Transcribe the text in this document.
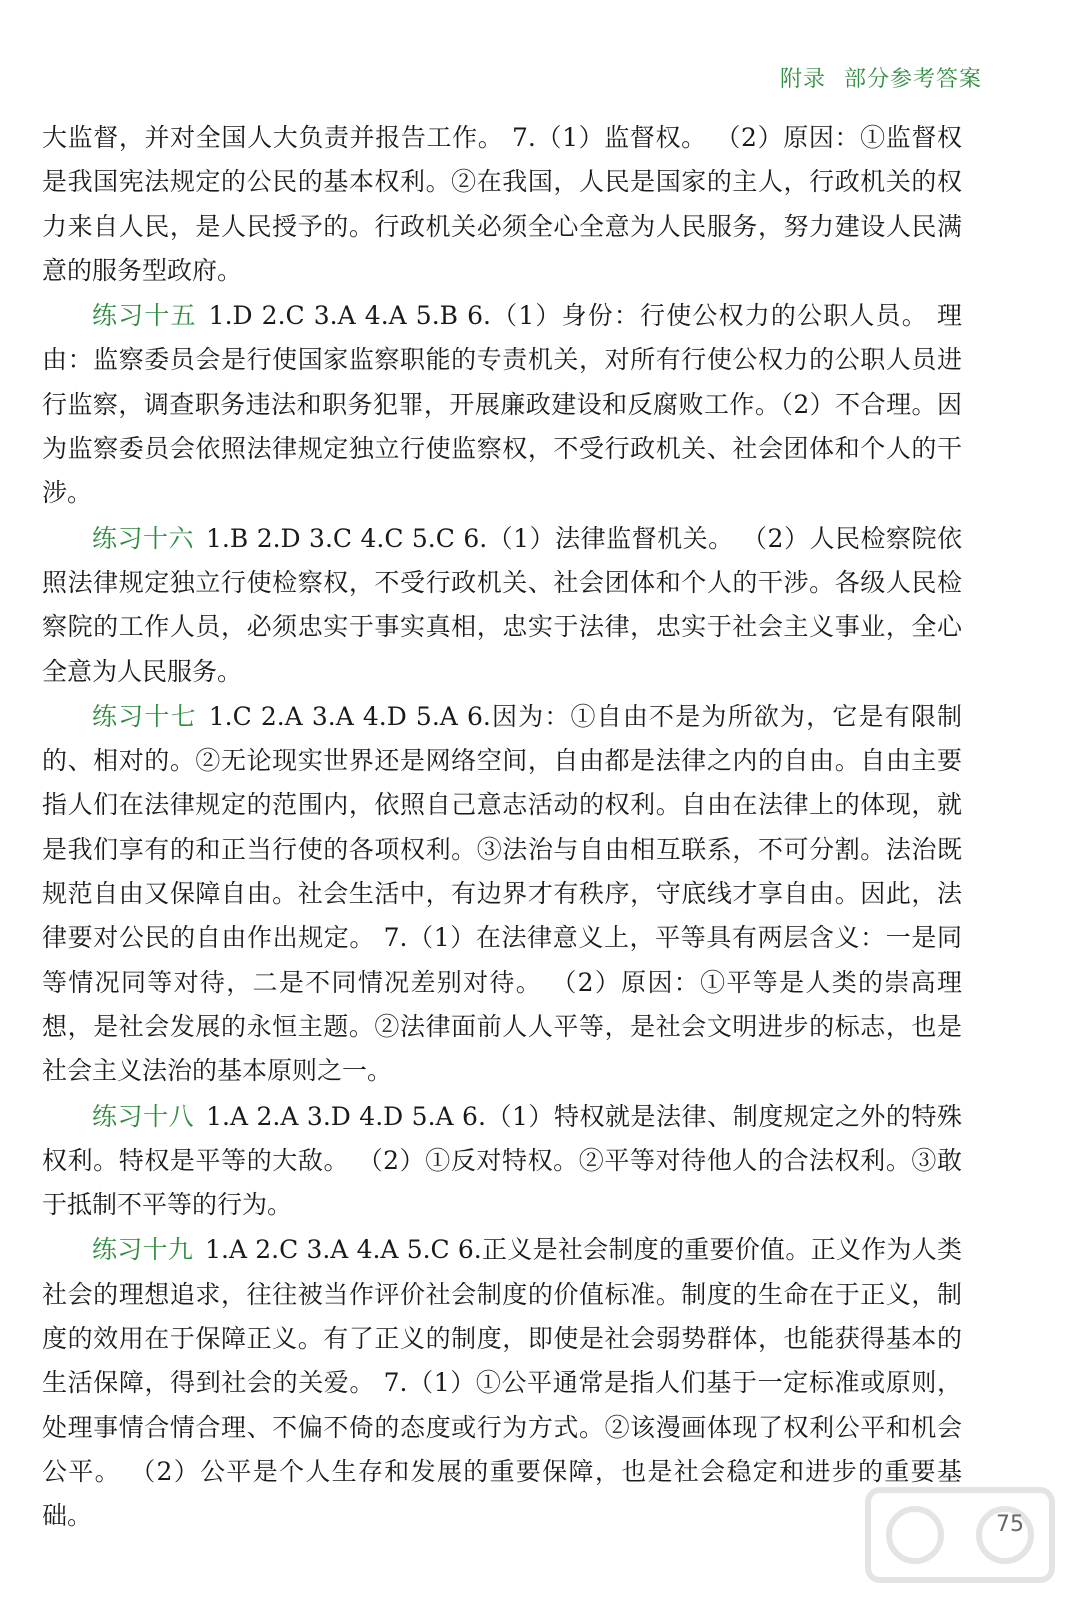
附录 部分参考答案

大监督，并对全国人大负责并报告工作。 7.（1）监督权。 （2）原因：①监督权是我国宪法规定的公民的基本权利。②在我国，人民是国家的主人，行政机关的权力来自人民，是人民授予的。行政机关必须全心全意为人民服务，努力建设人民满意的服务型政府。

练习十五 1.D 2.C 3.A 4.A 5.B 6.（1）身份：行使公权力的公职人员。 理由：监察委员会是行使国家监察职能的专责机关，对所有行使公权力的公职人员进行监察，调查职务违法和职务犯罪，开展廉政建设和反腐败工作。（2）不合理。因为监察委员会依照法律规定独立行使监察权，不受行政机关、社会团体和个人的干涉。

练习十六 1.B 2.D 3.C 4.C 5.C 6.（1）法律监督机关。 （2）人民检察院依照法律规定独立行使检察权，不受行政机关、社会团体和个人的干涉。各级人民检察院的工作人员，必须忠实于事实真相，忠实于法律，忠实于社会主义事业，全心全意为人民服务。

练习十七 1.C 2.A 3.A 4.D 5.A 6.因为：①自由不是为所欲为，它是有限制的、相对的。②无论现实世界还是网络空间，自由都是法律之内的自由。自由主要指人们在法律规定的范围内，依照自己意志活动的权利。自由在法律上的体现，就是我们享有的和正当行使的各项权利。③法治与自由相互联系，不可分割。法治既规范自由又保障自由。社会生活中，有边界才有秩序，守底线才享自由。因此，法律要对公民的自由作出规定。 7.（1）在法律意义上，平等具有两层含义：一是同等情况同等对待，二是不同情况差别对待。 （2）原因：①平等是人类的崇高理想，是社会发展的永恒主题。②法律面前人人平等，是社会文明进步的标志，也是社会主义法治的基本原则之一。

练习十八 1.A 2.A 3.D 4.D 5.A 6.（1）特权就是法律、制度规定之外的特殊权利。特权是平等的大敌。 （2）①反对特权。②平等对待他人的合法权利。③敢于抵制不平等的行为。

练习十九 1.A 2.C 3.A 4.A 5.C 6.正义是社会制度的重要价值。正义作为人类社会的理想追求，往往被当作评价社会制度的价值标准。制度的生命在于正义，制度的效用在于保障正义。有了正义的制度，即使是社会弱势群体，也能获得基本的生活保障，得到社会的关爱。 7.（1）①公平通常是指人们基于一定标准或原则，处理事情合情合理、不偏不倚的态度或行为方式。②该漫画体现了权利公平和机会公平。 （2）公平是个人生存和发展的重要保障，也是社会稳定和进步的重要基础。	75
